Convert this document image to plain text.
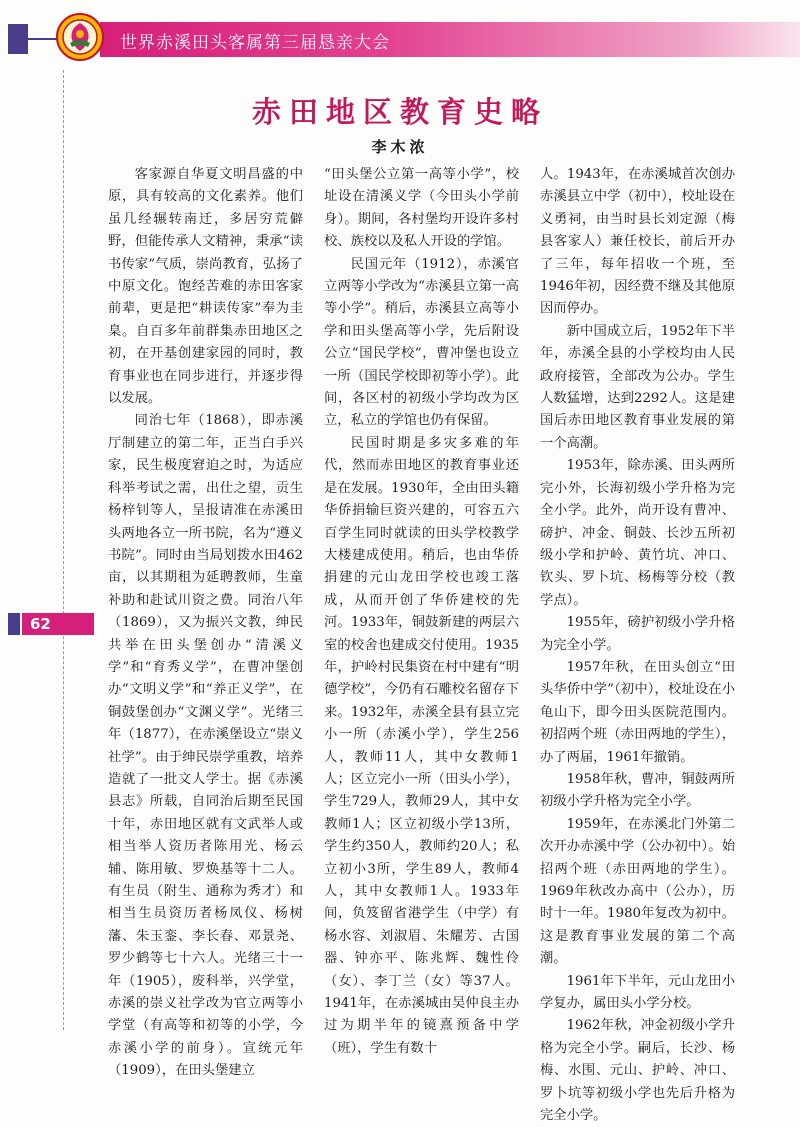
世界赤溪田头客属第三届恳亲大会
62
赤田地区教育史略
李木浓

客家源自华夏文明昌盛的中原，具有较高的文化素养。他们虽几经辗转南迁，多居穷荒僻野，但能传承人文精神，秉承“读书传家”气质，崇尚教育，弘扬了中原文化。饱经苦难的赤田客家前辈，更是把“耕读传家”奉为圭臬。自百多年前群集赤田地区之初，在开基创建家园的同时，教育事业也在同步进行，并逐步得以发展。

同治七年（1868），即赤溪厅制建立的第二年，正当白手兴家，民生极度窘迫之时，为适应科举考试之需，出仕之望，贡生杨梓钊等人，呈报请准在赤溪田头两地各立一所书院，名为“遵义书院”。同时由当局划拨水田462亩，以其期租为延聘教师，生童补助和赴试川资之费。同治八年（1869），又为振兴文教，绅民共举在田头堡创办“清溪义学”和“育秀义学”，在曹冲堡创办“文明义学”和“养正义学”，在铜鼓堡创办“文渊义学”。光绪三年（1877），在赤溪堡设立“崇义社学”。由于绅民崇学重教，培养造就了一批文人学士。据《赤溪县志》所载，自同治后期至民国十年，赤田地区就有文武举人或相当举人资历者陈用光、杨云辅、陈用敏、罗焕基等十二人。有生员（附生、通称为秀才）和相当生员资历者杨凤仪、杨树藩、朱玉銮、李长春、邓景尧、罗少鹤等七十六人。光绪三十一年（1905），废科举，兴学堂，赤溪的崇义社学改为官立两等小学堂（有高等和初等的小学，今赤溪小学的前身）。宣统元年（1909），在田头堡建立

“田头堡公立第一高等小学”，校址设在清溪义学（今田头小学前身）。期间，各村堡均开设许多村校、族校以及私人开设的学馆。

民国元年（1912），赤溪官立两等小学改为“赤溪县立第一高等小学”。稍后，赤溪县立高等小学和田头堡高等小学，先后附设公立“国民学校”，曹冲堡也设立一所（国民学校即初等小学）。此间，各区村的初级小学均改为区立，私立的学馆也仍有保留。

民国时期是多灾多难的年代，然而赤田地区的教育事业还是在发展。1930年，全由田头籍华侨捐输巨资兴建的，可容五六百学生同时就读的田头学校教学大楼建成使用。稍后，也由华侨捐建的元山龙田学校也竣工落成，从而开创了华侨建校的先河。1933年，铜鼓新建的两层六室的校舍也建成交付使用。1935年，护岭村民集资在村中建有“明德学校”，今仍有石雕校名留存下来。1932年，赤溪全县有县立完小一所（赤溪小学），学生256人，教师11人，其中女教师1人；区立完小一所（田头小学），学生729人，教师29人，其中女教师1人；区立初级小学13所，学生约350人，教师约20人；私立初小3所，学生89人，教师4人，其中女教师1人。1933年间，负笈留省港学生（中学）有杨水容、刘淑眉、朱耀芳、古国器、钟亦平、陈兆辉、魏性伶（女）、李丁兰（女）等37人。1941年，在赤溪城由吴仲良主办过为期半年的镜熹预备中学（班），学生有数十

人。1943年，在赤溪城首次创办赤溪县立中学（初中），校址设在义勇祠，由当时县长刘定源（梅县客家人）兼任校长，前后开办了三年，每年招收一个班，至1946年初，因经费不继及其他原因而停办。

新中国成立后，1952年下半年，赤溪全县的小学校均由人民政府接管，全部改为公办。学生人数猛增，达到2292人。这是建国后赤田地区教育事业发展的第一个高潮。

1953年，除赤溪、田头两所完小外，长海初级小学升格为完全小学。此外，尚开设有曹冲、磅护、冲金、铜鼓、长沙五所初级小学和护岭、黄竹坑、冲口、钦头、罗卜坑、杨梅等分校（教学点）。

1955年，磅护初级小学升格为完全小学。

1957年秋，在田头创立“田头华侨中学”（初中），校址设在小龟山下，即今田头医院范围内。初招两个班（赤田两地的学生），办了两届，1961年撤销。

1958年秋，曹冲，铜鼓两所初级小学升格为完全小学。

1959年，在赤溪北门外第二次开办赤溪中学（公办初中）。始招两个班（赤田两地的学生）。1969年秋改办高中（公办），历时十一年。1980年复改为初中。这是教育事业发展的第二个高潮。

1961年下半年，元山龙田小学复办，属田头小学分校。

1962年秋，冲金初级小学升格为完全小学。嗣后，长沙、杨梅、水围、元山、护岭、冲口、罗卜坑等初级小学也先后升格为完全小学。
